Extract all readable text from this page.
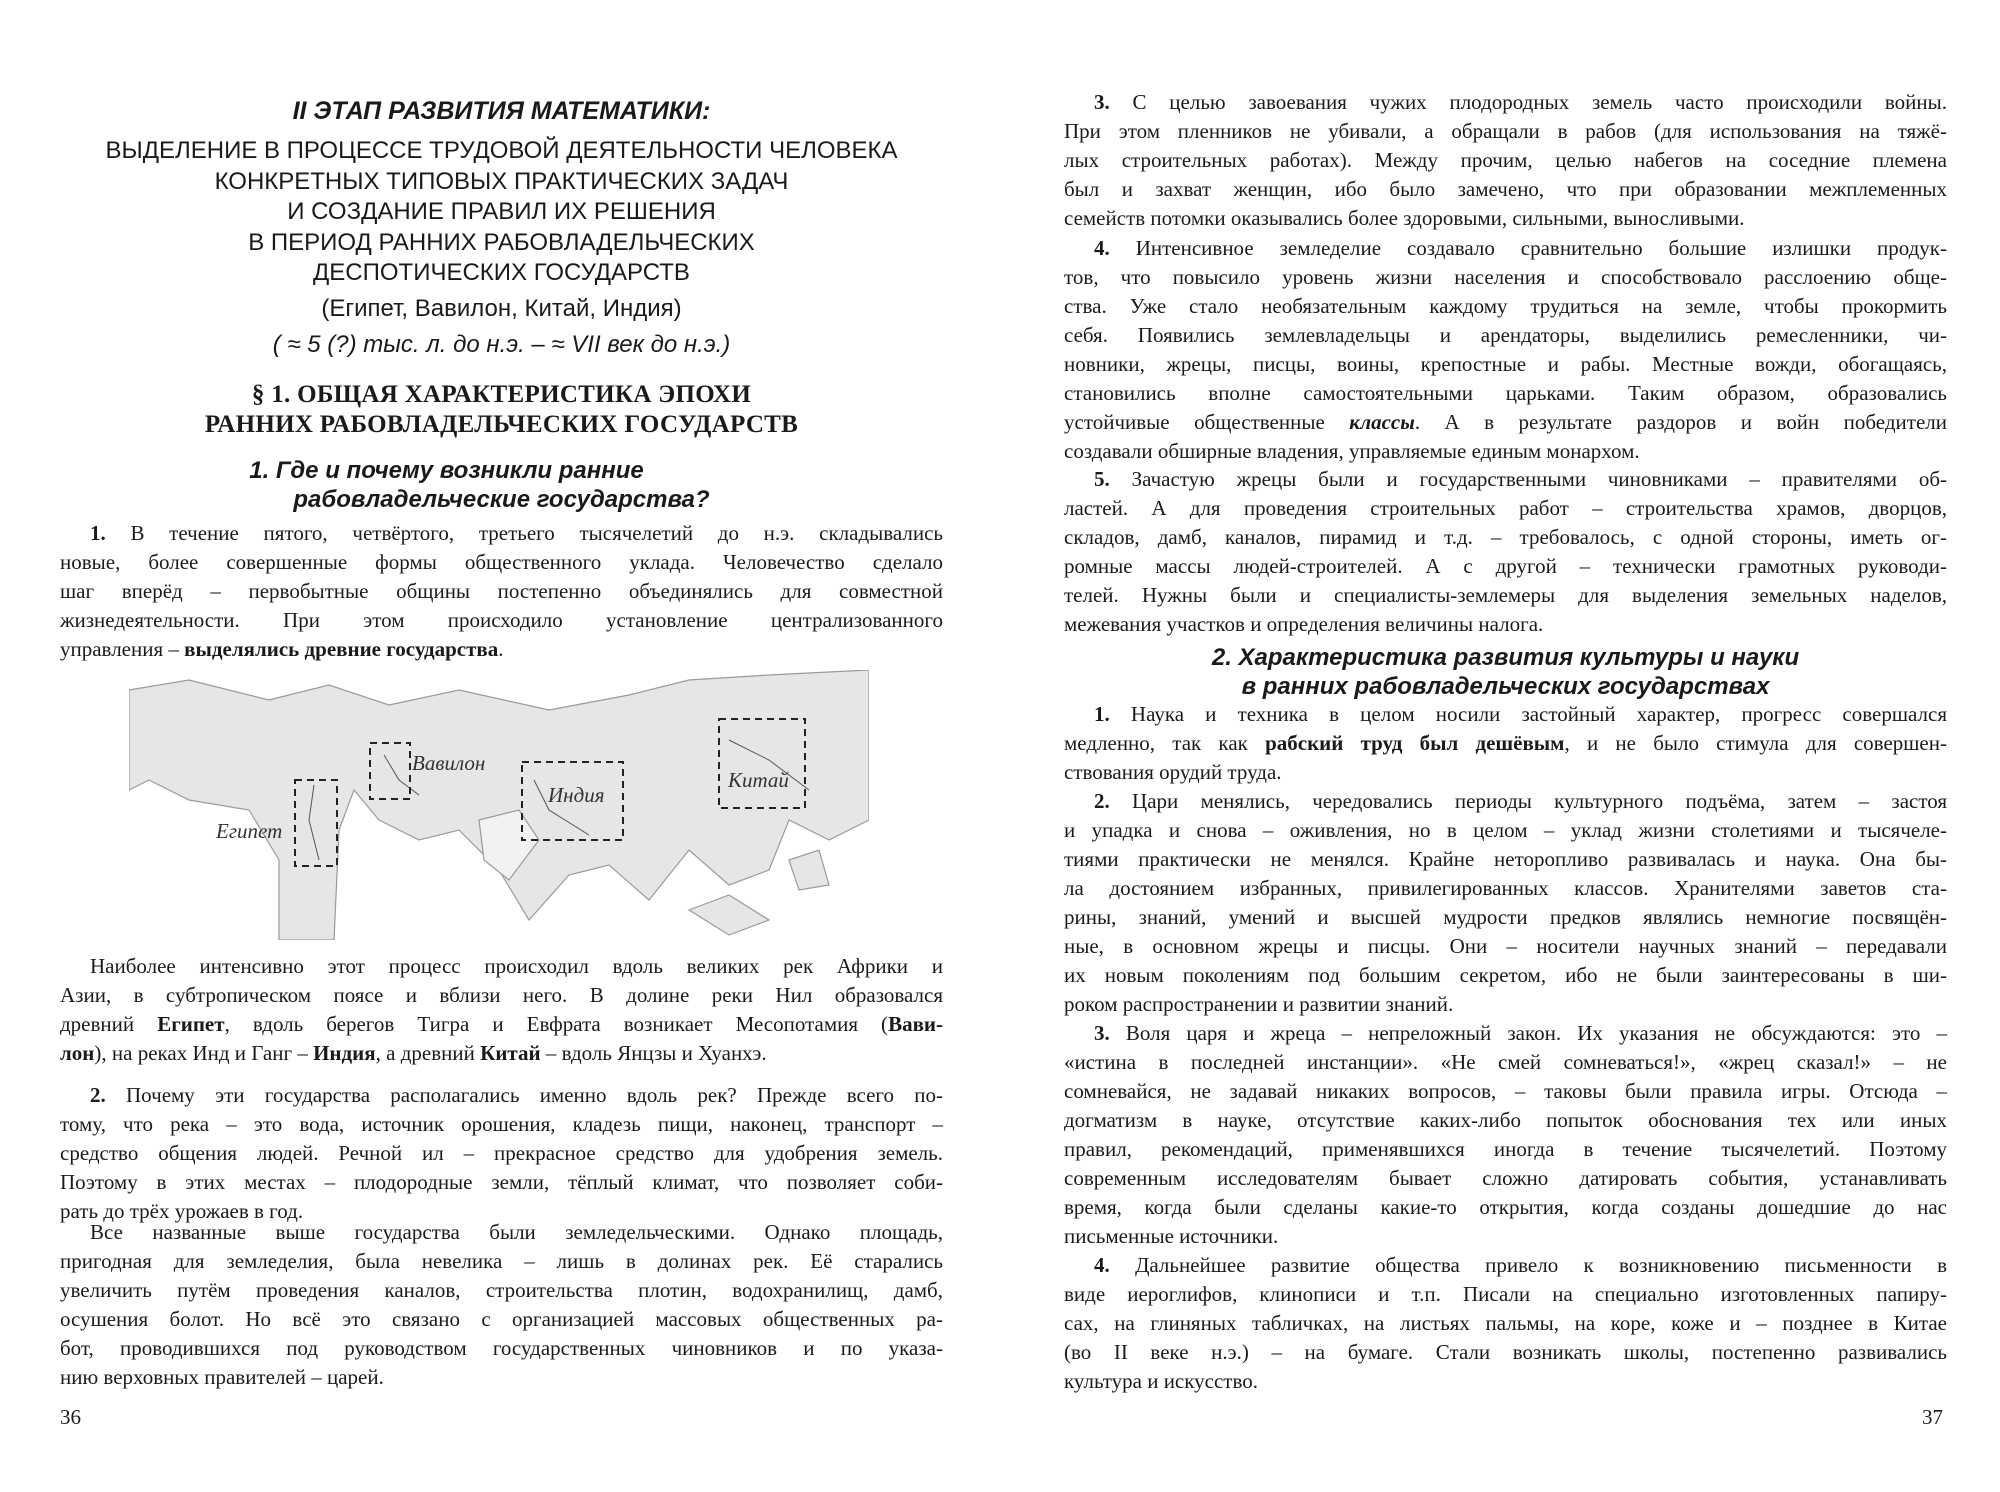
II ЭТАП РАЗВИТИЯ МАТЕМАТИКИ:
ВЫДЕЛЕНИЕ В ПРОЦЕССЕ ТРУДОВОЙ ДЕЯТЕЛЬНОСТИ ЧЕЛОВЕКА
КОНКРЕТНЫХ ТИПОВЫХ ПРАКТИЧЕСКИХ ЗАДАЧ
И СОЗДАНИЕ ПРАВИЛ ИХ РЕШЕНИЯ
В ПЕРИОД РАННИХ РАБОВЛАДЕЛЬЧЕСКИХ
ДЕСПОТИЧЕСКИХ ГОСУДАРСТВ
(Египет, Вавилон, Китай, Индия)
( ≈ 5 (?) тыс. л. до н.э. – ≈ VII век до н.э.)
§ 1. ОБЩАЯ ХАРАКТЕРИСТИКА ЭПОХИ
РАННИХ РАБОВЛАДЕЛЬЧЕСКИХ ГОСУДАРСТВ
1. Где и почему возникли ранние
рабовладельческие государства?
1. В течение пятого, четвёртого, третьего тысячелетий до н.э. складывались
новые, более совершенные формы общественного уклада. Человечество сделало
шаг вперёд – первобытные общины постепенно объединялись для совместной
жизнедеятельности. При этом происходило установление централизованного
управления – выделялись древние государства.
Египет
Вавилон
Индия
Китай
Наиболее интенсивно этот процесс происходил вдоль великих рек Африки и
Азии, в субтропическом поясе и вблизи него. В долине реки Нил образовался
древний Египет, вдоль берегов Тигра и Евфрата возникает Месопотамия (Вави-
лон), на реках Инд и Ганг – Индия, а древний Китай – вдоль Янцзы и Хуанхэ.
2. Почему эти государства располагались именно вдоль рек? Прежде всего по-
тому, что река – это вода, источник орошения, кладезь пищи, наконец, транспорт –
средство общения людей. Речной ил – прекрасное средство для удобрения земель.
Поэтому в этих местах – плодородные земли, тёплый климат, что позволяет соби-
рать до трёх урожаев в год.
Все названные выше государства были земледельческими. Однако площадь,
пригодная для земледелия, была невелика – лишь в долинах рек. Её старались
увеличить путём проведения каналов, строительства плотин, водохранилищ, дамб,
осушения болот. Но всё это связано с организацией массовых общественных ра-
бот, проводившихся под руководством государственных чиновников и по указа-
нию верховных правителей – царей.
36
3. С целью завоевания чужих плодородных земель часто происходили войны.
При этом пленников не убивали, а обращали в рабов (для использования на тяжё-
лых строительных работах). Между прочим, целью набегов на соседние племена
был и захват женщин, ибо было замечено, что при образовании межплеменных
семейств потомки оказывались более здоровыми, сильными, выносливыми.
4. Интенсивное земледелие создавало сравнительно большие излишки продук-
тов, что повысило уровень жизни населения и способствовало расслоению обще-
ства. Уже стало необязательным каждому трудиться на земле, чтобы прокормить
себя. Появились землевладельцы и арендаторы, выделились ремесленники, чи-
новники, жрецы, писцы, воины, крепостные и рабы. Местные вожди, обогащаясь,
становились вполне самостоятельными царьками. Таким образом, образовались
устойчивые общественные классы. А в результате раздоров и войн победители
создавали обширные владения, управляемые единым монархом.
5. Зачастую жрецы были и государственными чиновниками – правителями об-
ластей. А для проведения строительных работ – строительства храмов, дворцов,
складов, дамб, каналов, пирамид и т.д. – требовалось, с одной стороны, иметь ог-
ромные массы людей-строителей. А с другой – технически грамотных руководи-
телей. Нужны были и специалисты-землемеры для выделения земельных наделов,
межевания участков и определения величины налога.
2. Характеристика развития культуры и науки
в ранних рабовладельческих государствах
1. Наука и техника в целом носили застойный характер, прогресс совершался
медленно, так как рабский труд был дешёвым, и не было стимула для совершен-
ствования орудий труда.
2. Цари менялись, чередовались периоды культурного подъёма, затем – застоя
и упадка и снова – оживления, но в целом – уклад жизни столетиями и тысячеле-
тиями практически не менялся. Крайне неторопливо развивалась и наука. Она бы-
ла достоянием избранных, привилегированных классов. Хранителями заветов ста-
рины, знаний, умений и высшей мудрости предков являлись немногие посвящён-
ные, в основном жрецы и писцы. Они – носители научных знаний – передавали
их новым поколениям под большим секретом, ибо не были заинтересованы в ши-
роком распространении и развитии знаний.
3. Воля царя и жреца – непреложный закон. Их указания не обсуждаются: это –
«истина в последней инстанции». «Не смей сомневаться!», «жрец сказал!» – не
сомневайся, не задавай никаких вопросов, – таковы были правила игры. Отсюда –
догматизм в науке, отсутствие каких-либо попыток обоснования тех или иных
правил, рекомендаций, применявшихся иногда в течение тысячелетий. Поэтому
современным исследователям бывает сложно датировать события, устанавливать
время, когда были сделаны какие-то открытия, когда созданы дошедшие до нас
письменные источники.
4. Дальнейшее развитие общества привело к возникновению письменности в
виде иероглифов, клинописи и т.п. Писали на специально изготовленных папиру-
сах, на глиняных табличках, на листьях пальмы, на коре, коже и – позднее в Китае
(во II веке н.э.) – на бумаге. Стали возникать школы, постепенно развивались
культура и искусство.
37
